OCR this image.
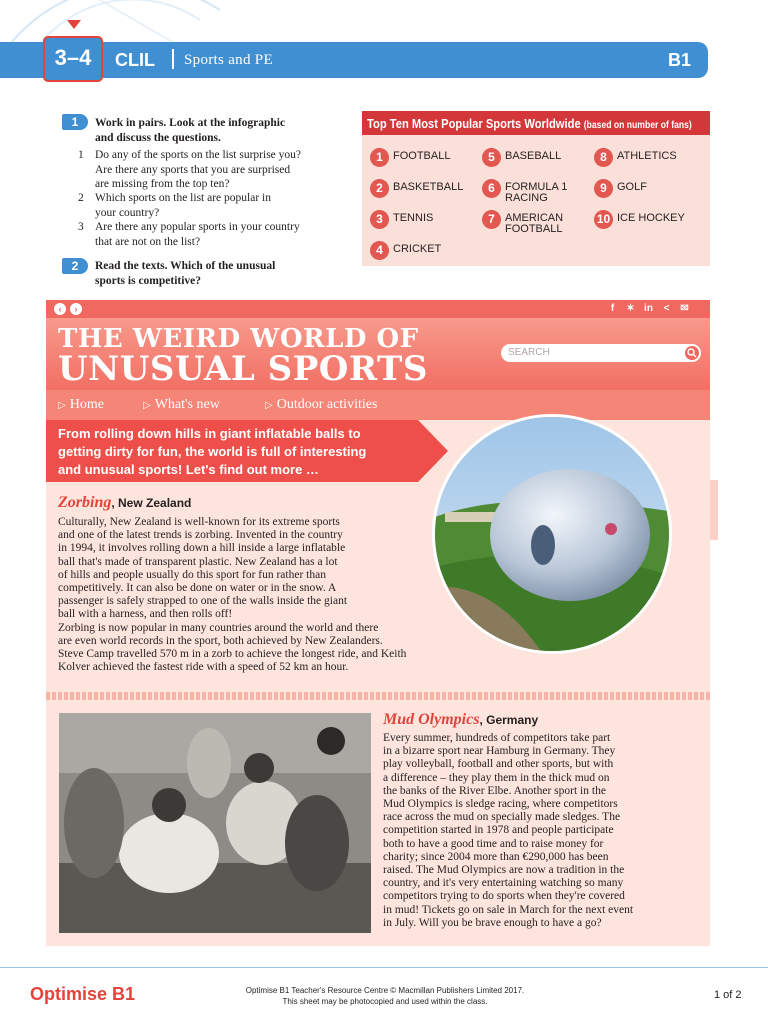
3–4	CLIL Sports and PE	B1
1	Work in pairs. Look at the infographic
and discuss the questions.
1 Do any of the sports on the list surprise you?
Are there any sports that you are surprised
are missing from the top ten?
2 Which sports on the list are popular in
your country?
3 Are there any popular sports in your country
that are not on the list?
2	Read the texts. Which of the unusual
sports is competitive?
Top Ten Most Popular Sports Worldwide (based on number of fans)
1 FOOTBALL
2 BASKETBALL
3 TENNIS
4 CRICKET
5 BASEBALL
6 FORMULA 1 RACING
7 AMERICAN FOOTBALL
8 ATHLETICS
9 GOLF
10 ICE HOCKEY
‹	›	f	✶ in	<	✉
THE WEIRD WORLD OF
UNUSUAL SPORTS	SEARCH
▷ Home	▷ What's new	▷ Outdoor activities
From rolling down hills in giant inflatable balls to
getting dirty for fun, the world is full of interesting
and unusual sports! Let's find out more …
Zorbing, New Zealand
Culturally, New Zealand is well-known for its extreme sports
and one of the latest trends is zorbing. Invented in the country
in 1994, it involves rolling down a hill inside a large inflatable
ball that's made of transparent plastic. New Zealand has a lot
of hills and people usually do this sport for fun rather than
competitively. It can also be done on water or in the snow. A
passenger is safely strapped to one of the walls inside the giant
ball with a harness, and then rolls off!
Zorbing is now popular in many countries around the world and there
are even world records in the sport, both achieved by New Zealanders.
Steve Camp travelled 570 m in a zorb to achieve the longest ride, and Keith
Kolver achieved the fastest ride with a speed of 52 km an hour.
Mud Olympics, Germany
Every summer, hundreds of competitors take part
in a bizarre sport near Hamburg in Germany. They
play volleyball, football and other sports, but with
a difference – they play them in the thick mud on
the banks of the River Elbe. Another sport in the
Mud Olympics is sledge racing, where competitors
race across the mud on specially made sledges. The
competition started in 1978 and people participate
both to have a good time and to raise money for
charity; since 2004 more than €290,000 has been
raised. The Mud Olympics are now a tradition in the
country, and it's very entertaining watching so many
competitors trying to do sports when they're covered
in mud! Tickets go on sale in March for the next event
in July. Will you be brave enough to have a go?
Optimise B1	Optimise B1 Teacher's Resource Centre © Macmillan Publishers Limited 2017.
This sheet may be photocopied and used within the class.
1 of 2
